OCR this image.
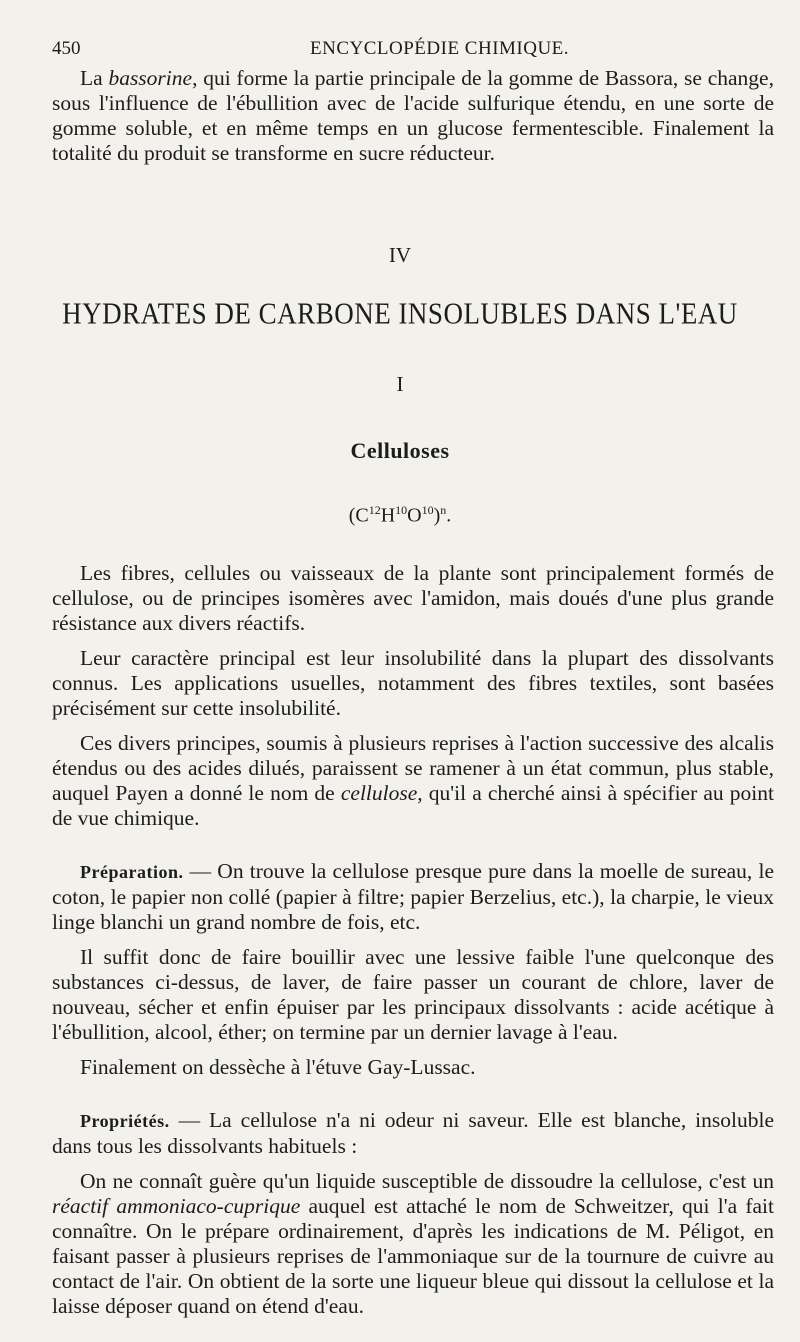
450	ENCYCLOPÉDIE CHIMIQUE.

La bassorine, qui forme la partie principale de la gomme de Bassora, se change, sous l'influence de l'ébullition avec de l'acide sulfurique étendu, en une sorte de gomme soluble, et en même temps en un glucose fermentescible. Finalement la totalité du produit se transforme en sucre réducteur.

IV
HYDRATES DE CARBONE INSOLUBLES DANS L'EAU
I
Celluloses
$(C^{12}H^{10}O^{10})^n$.

Les fibres, cellules ou vaisseaux de la plante sont principalement formés de cellulose, ou de principes isomères avec l'amidon, mais doués d'une plus grande résistance aux divers réactifs.

Leur caractère principal est leur insolubilité dans la plupart des dissolvants connus. Les applications usuelles, notamment des fibres textiles, sont basées précisément sur cette insolubilité.

Ces divers principes, soumis à plusieurs reprises à l'action successive des alcalis étendus ou des acides dilués, paraissent se ramener à un état commun, plus stable, auquel Payen a donné le nom de cellulose, qu'il a cherché ainsi à spécifier au point de vue chimique.

Préparation. — On trouve la cellulose presque pure dans la moelle de sureau, le coton, le papier non collé (papier à filtre; papier Berzelius, etc.), la charpie, le vieux linge blanchi un grand nombre de fois, etc.

Il suffit donc de faire bouillir avec une lessive faible l'une quelconque des substances ci-dessus, de laver, de faire passer un courant de chlore, laver de nouveau, sécher et enfin épuiser par les principaux dissolvants : acide acétique à l'ébullition, alcool, éther; on termine par un dernier lavage à l'eau.

Finalement on dessèche à l'étuve Gay-Lussac.

Propriétés. — La cellulose n'a ni odeur ni saveur. Elle est blanche, insoluble dans tous les dissolvants habituels :

On ne connaît guère qu'un liquide susceptible de dissoudre la cellulose, c'est un réactif ammoniaco-cuprique auquel est attaché le nom de Schweitzer, qui l'a fait connaître. On le prépare ordinairement, d'après les indications de M. Péligot, en faisant passer à plusieurs reprises de l'ammoniaque sur de la tournure de cuivre au contact de l'air. On obtient de la sorte une liqueur bleue qui dissout la cellulose et la laisse déposer quand on étend d'eau.
